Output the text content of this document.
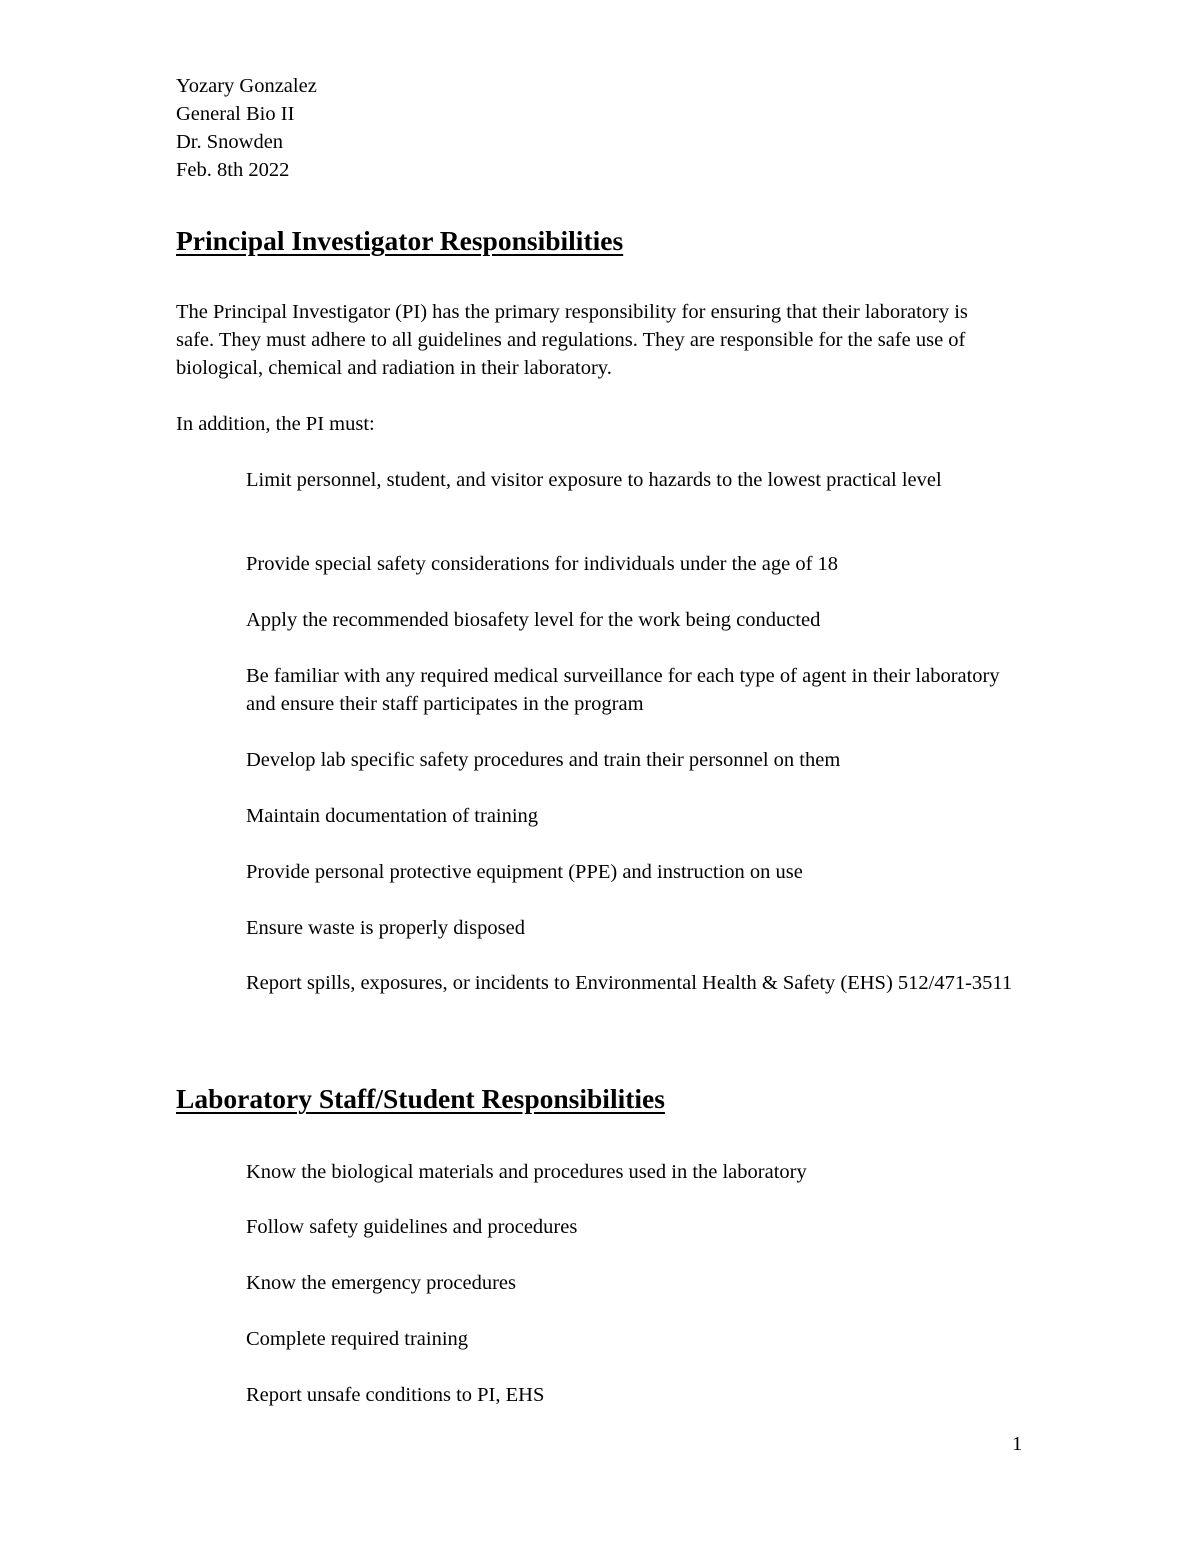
Yozary Gonzalez
General Bio II
Dr. Snowden
Feb. 8th 2022
Principal Investigator Responsibilities
The Principal Investigator (PI) has the primary responsibility for ensuring that their laboratory is safe. They must adhere to all guidelines and regulations. They are responsible for the safe use of biological, chemical and radiation in their laboratory.
In addition, the PI must:
Limit personnel, student, and visitor exposure to hazards to the lowest practical level
Provide special safety considerations for individuals under the age of 18
Apply the recommended biosafety level for the work being conducted
Be familiar with any required medical surveillance for each type of agent in their laboratory and ensure their staff participates in the program
Develop lab specific safety procedures and train their personnel on them
Maintain documentation of training
Provide personal protective equipment (PPE) and instruction on use
Ensure waste is properly disposed
Report spills, exposures, or incidents to Environmental Health & Safety (EHS) 512/471-3511
Laboratory Staff/Student Responsibilities
Know the biological materials and procedures used in the laboratory
Follow safety guidelines and procedures
Know the emergency procedures
Complete required training
Report unsafe conditions to PI, EHS
1
